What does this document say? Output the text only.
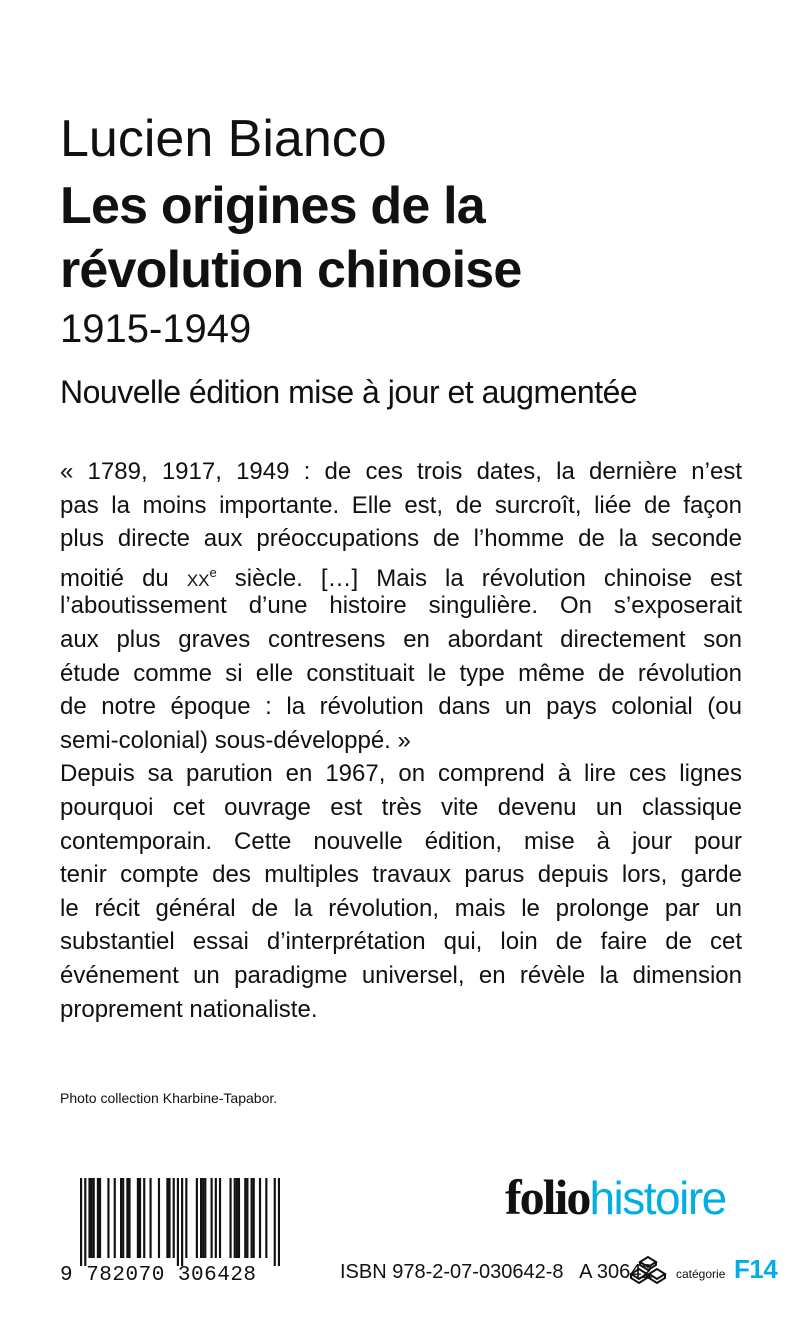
Lucien Bianco
Les origines de la
révolution chinoise
1915-1949
Nouvelle édition mise à jour et augmentée
« 1789, 1917, 1949 : de ces trois dates, la dernière n’est
pas la moins importante. Elle est, de surcroît, liée de façon
plus directe aux préoccupations de l’homme de la seconde
moitié du $xx^e$ siècle. […] Mais la révolution chinoise est
l’aboutissement d’une histoire singulière. On s’exposerait
aux plus graves contresens en abordant directement son
étude comme si elle constituait le type même de révolution
de notre époque : la révolution dans un pays colonial (ou
semi-colonial) sous-développé. »
Depuis sa parution en 1967, on comprend à lire ces lignes
pourquoi cet ouvrage est très vite devenu un classique
contemporain. Cette nouvelle édition, mise à jour pour
tenir compte des multiples travaux parus depuis lors, garde
le récit général de la révolution, mais le prolonge par un
substantiel essai d’interprétation qui, loin de faire de cet
événement un paradigme universel, en révèle la dimension
proprement nationaliste.
Photo collection Kharbine-Tapabor.
9 782070 306428
foliohistoire
ISBN 978-2-07-030642-8 A 30642 catégorie F14
